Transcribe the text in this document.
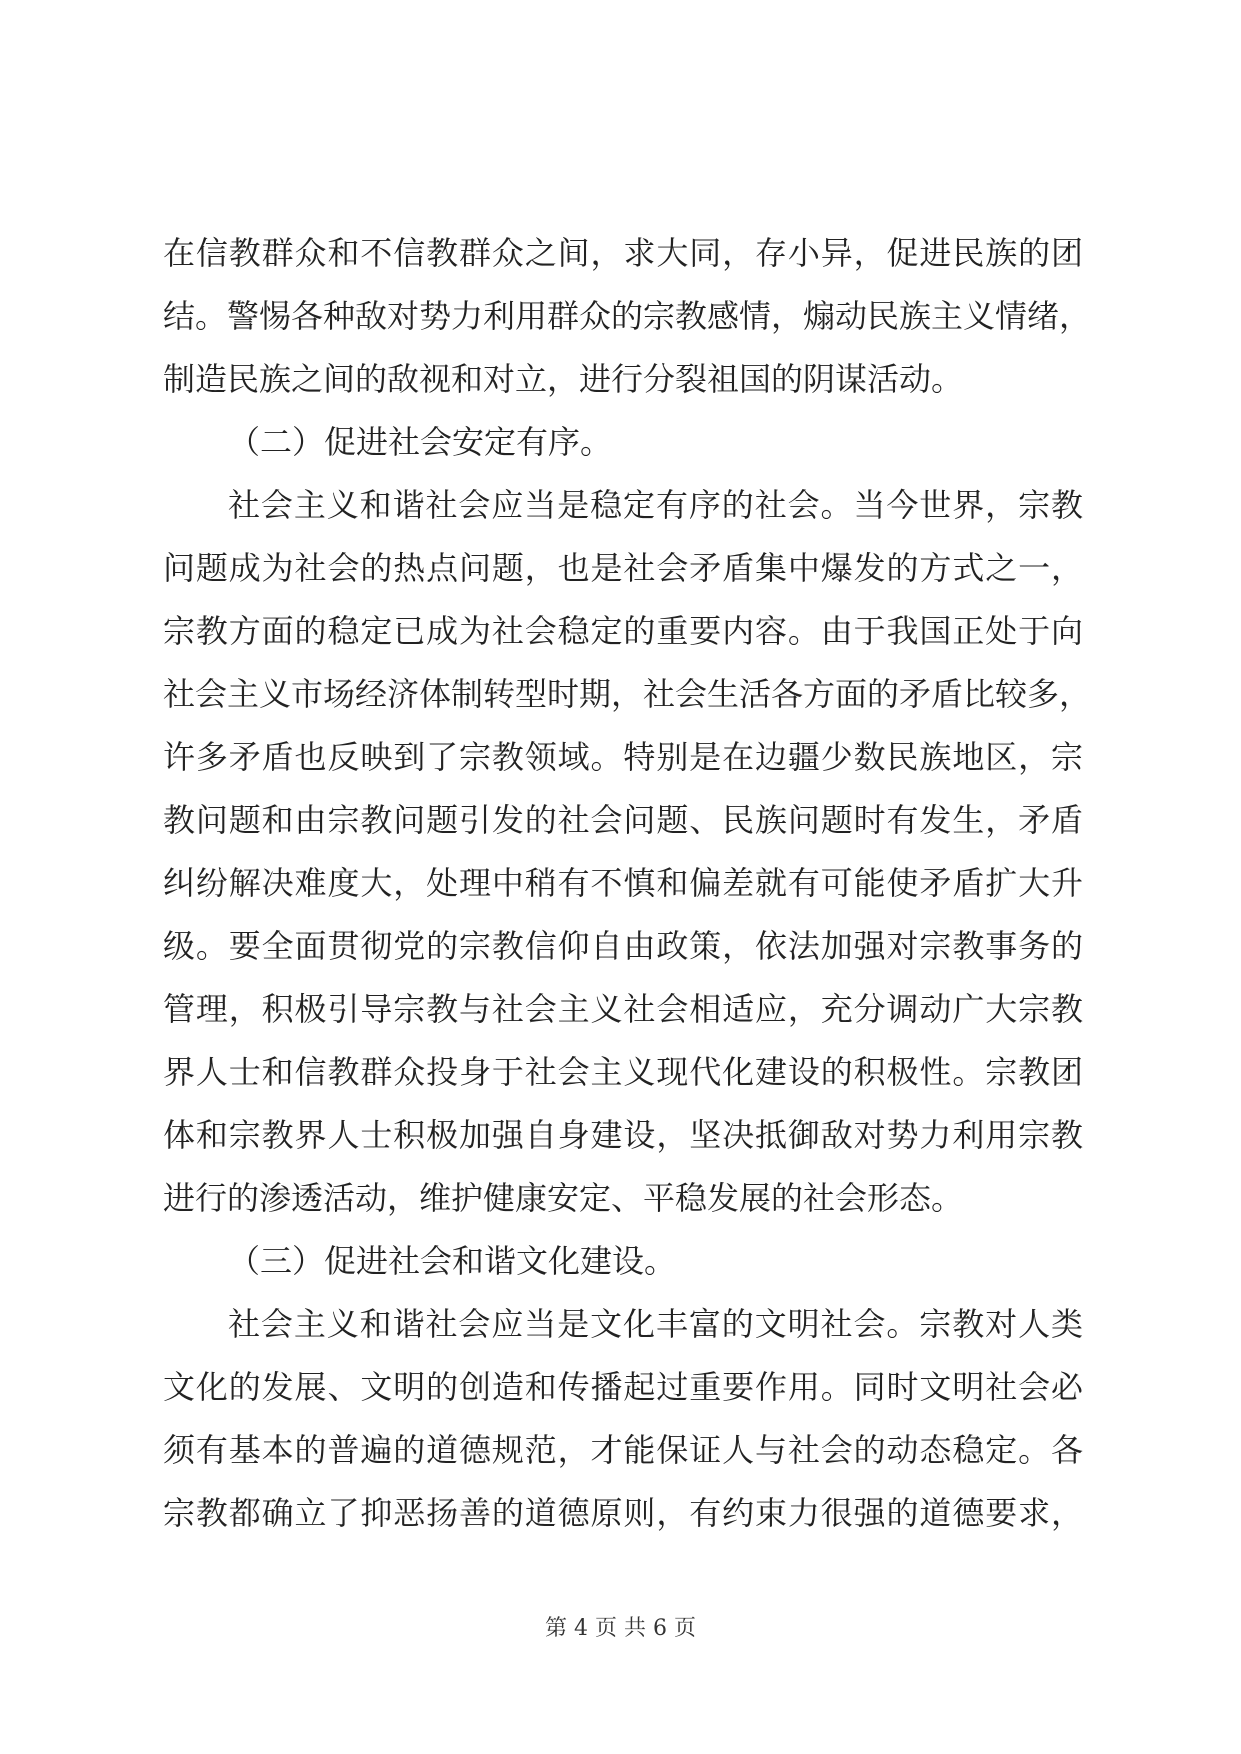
在信教群众和不信教群众之间，求大同，存小异，促进民族的团
结。警惕各种敌对势力利用群众的宗教感情，煽动民族主义情绪，
制造民族之间的敌视和对立，进行分裂祖国的阴谋活动。
（二）促进社会安定有序。
社会主义和谐社会应当是稳定有序的社会。当今世界，宗教
问题成为社会的热点问题，也是社会矛盾集中爆发的方式之一，
宗教方面的稳定已成为社会稳定的重要内容。由于我国正处于向
社会主义市场经济体制转型时期，社会生活各方面的矛盾比较多，
许多矛盾也反映到了宗教领域。特别是在边疆少数民族地区，宗
教问题和由宗教问题引发的社会问题、民族问题时有发生，矛盾
纠纷解决难度大，处理中稍有不慎和偏差就有可能使矛盾扩大升
级。要全面贯彻党的宗教信仰自由政策，依法加强对宗教事务的
管理，积极引导宗教与社会主义社会相适应，充分调动广大宗教
界人士和信教群众投身于社会主义现代化建设的积极性。宗教团
体和宗教界人士积极加强自身建设，坚决抵御敌对势力利用宗教
进行的渗透活动，维护健康安定、平稳发展的社会形态。
（三）促进社会和谐文化建设。
社会主义和谐社会应当是文化丰富的文明社会。宗教对人类
文化的发展、文明的创造和传播起过重要作用。同时文明社会必
须有基本的普遍的道德规范，才能保证人与社会的动态稳定。各
宗教都确立了抑恶扬善的道德原则，有约束力很强的道德要求，
第 4 页 共 6 页
